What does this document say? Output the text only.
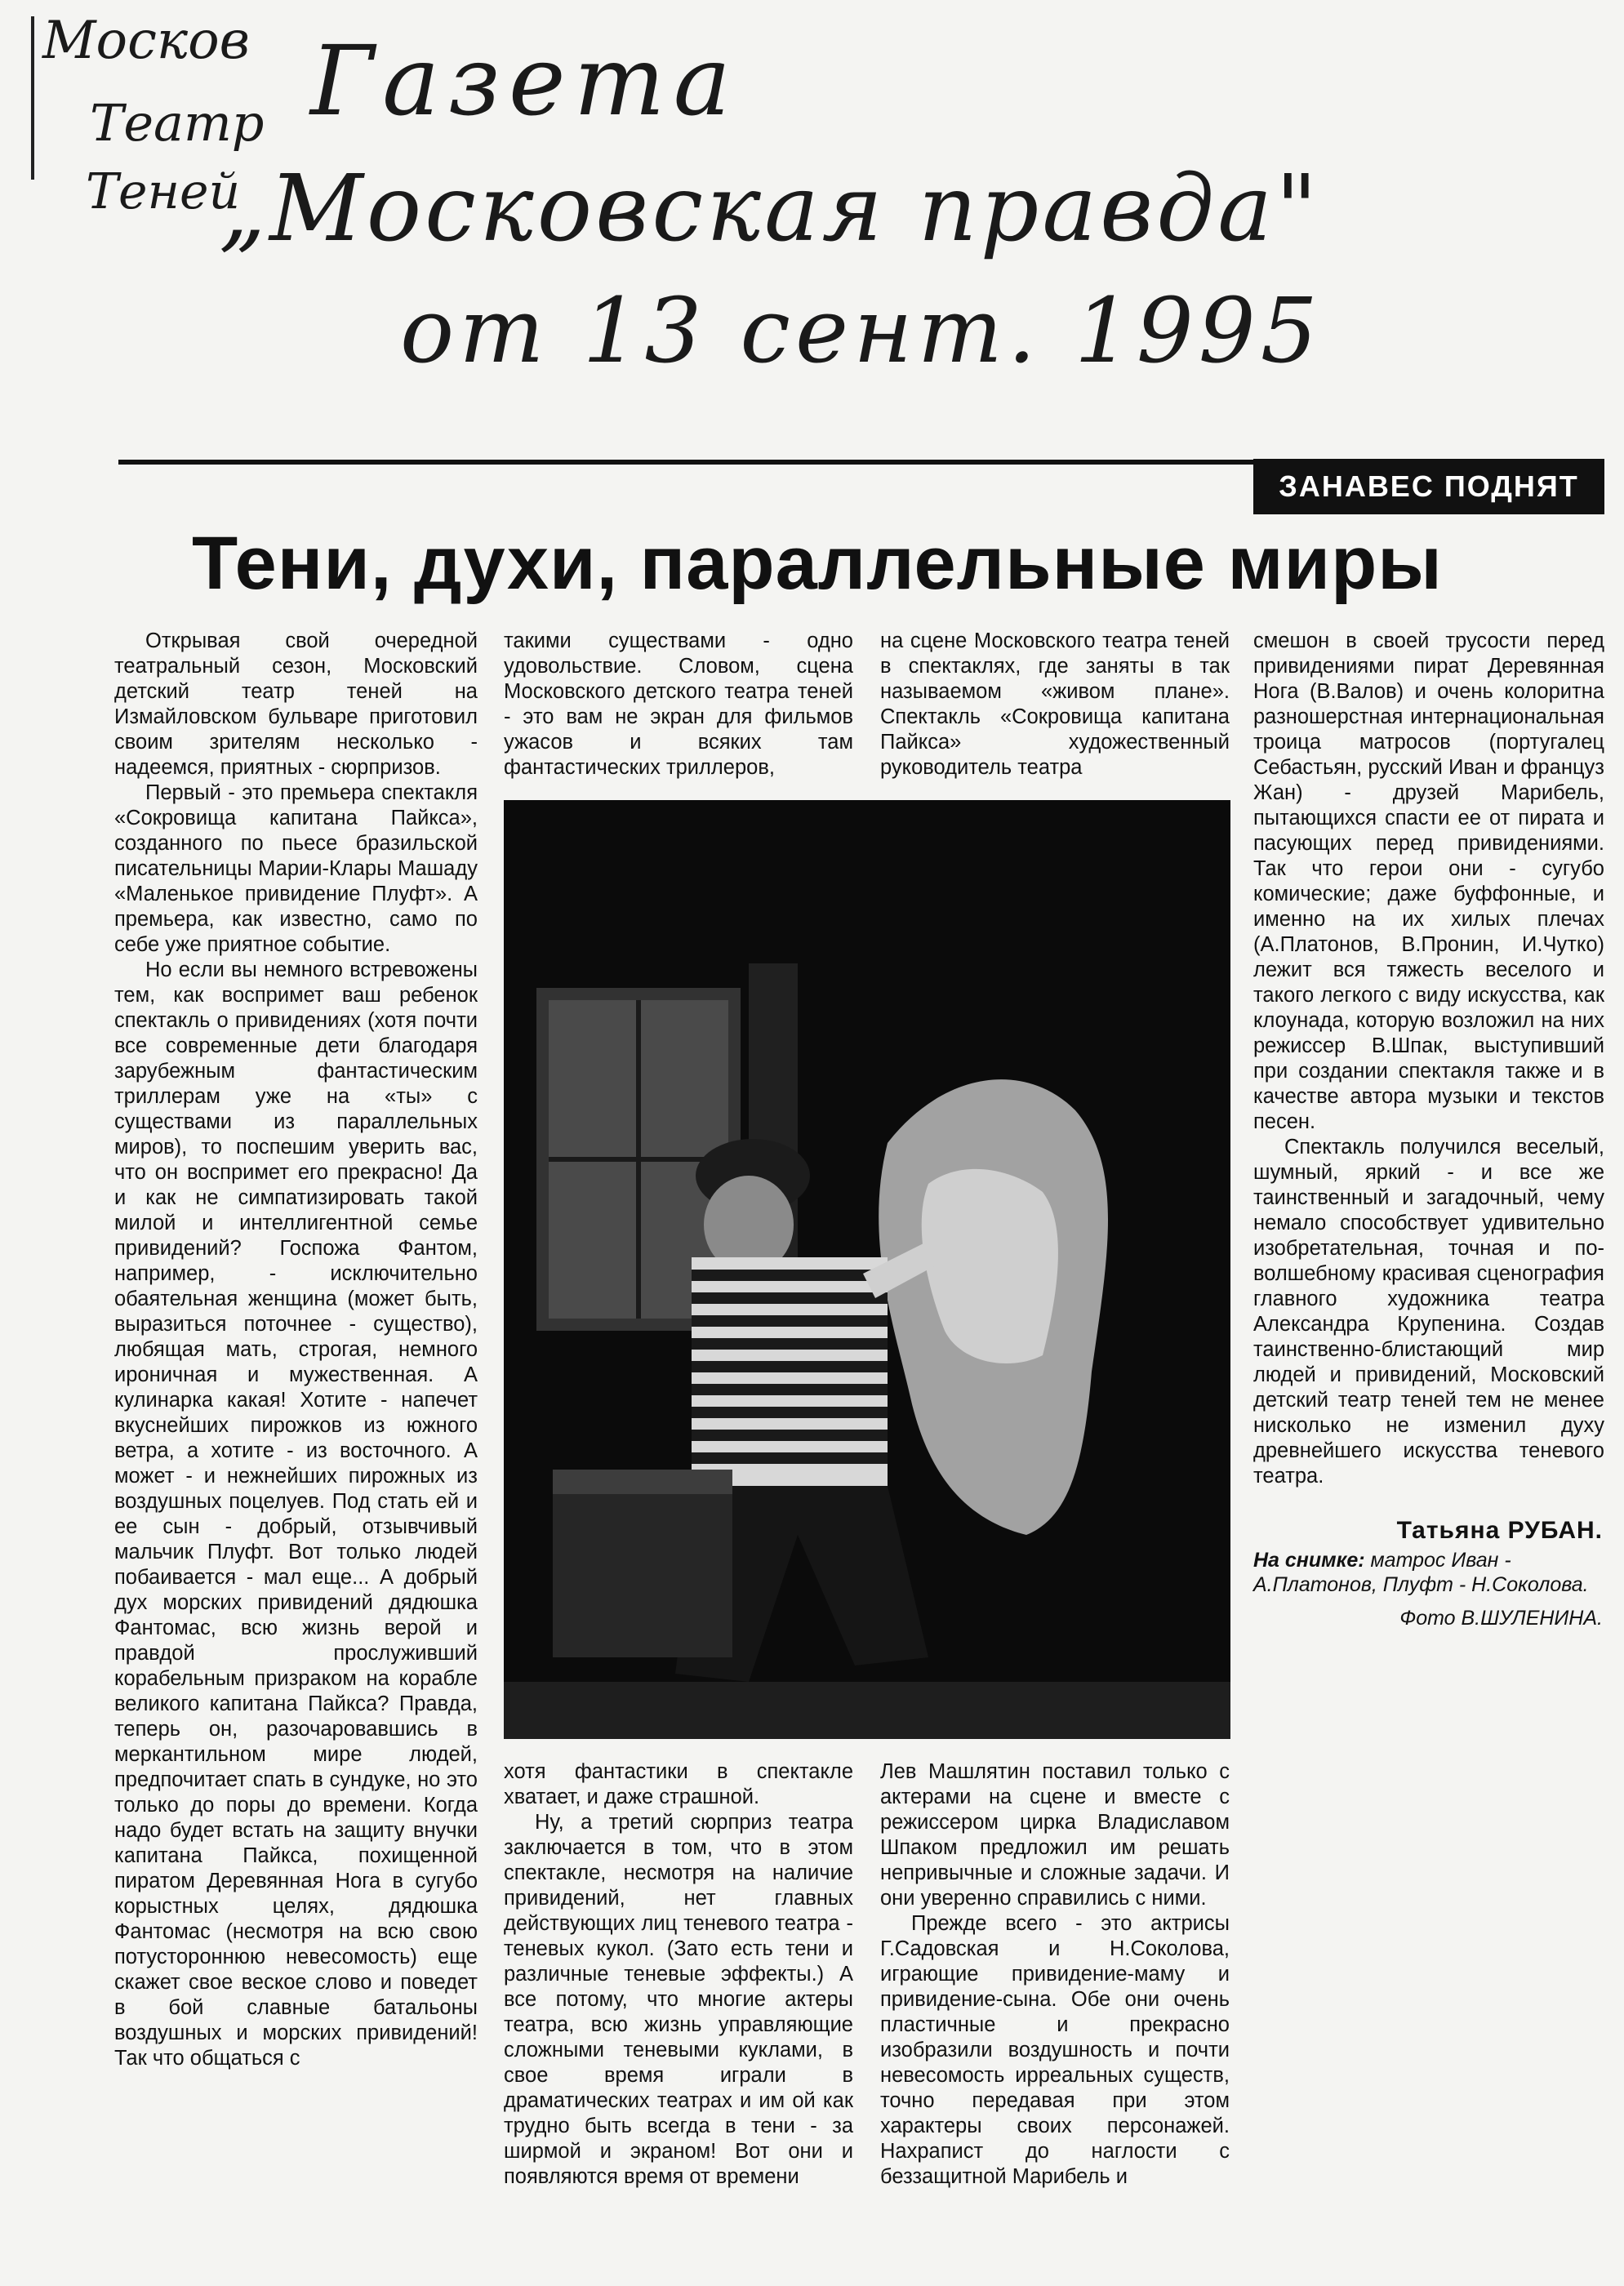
Москов
Театр
Теней
Газета
„Московская правда"
от 13 сент. 1995
ЗАНАВЕС ПОДНЯТ
Тени, духи, параллельные миры

Открывая свой очередной театральный сезон, Московский детский театр теней на Измайловском бульваре приготовил своим зрителям несколько - надеемся, приятных - сюрпризов.

Первый - это премьера спектакля «Сокровища капитана Пайкса», созданного по пьесе бразильской писательницы Марии-Клары Машаду «Маленькое привидение Плуфт». А премьера, как известно, само по себе уже приятное событие.

Но если вы немного встревожены тем, как воспримет ваш ребенок спектакль о привидениях (хотя почти все современные дети благодаря зарубежным фантастическим триллерам уже на «ты» с существами из параллельных миров), то поспешим уверить вас, что он воспримет его прекрасно! Да и как не симпатизировать такой милой и интеллигентной семье привидений? Госпожа Фантом, например, - исключительно обаятельная женщина (может быть, выразиться поточнее - существо), любящая мать, строгая, немного ироничная и мужественная. А кулинарка какая! Хотите - напечет вкуснейших пирожков из южного ветра, а хотите - из восточного. А может - и нежнейших пирожных из воздушных поцелуев. Под стать ей и ее сын - добрый, отзывчивый мальчик Плуфт. Вот только людей побаивается - мал еще... А добрый дух морских привидений дядюшка Фантомас, всю жизнь верой и правдой прослуживший корабельным призраком на корабле великого капитана Пайкса? Правда, теперь он, разочаровавшись в меркантильном мире людей, предпочитает спать в сундуке, но это только до поры до времени. Когда надо будет встать на защиту внучки капитана Пайкса, похищенной пиратом Деревянная Нога в сугубо корыстных целях, дядюшка Фантомас (несмотря на всю свою потустороннюю невесомость) еще скажет свое веское слово и поведет в бой славные батальоны воздушных и морских привидений! Так что общаться с

такими существами - одно удовольствие. Словом, сцена Московского детского театра теней - это вам не экран для фильмов ужасов и всяких там фантастических триллеров,

хотя фантастики в спектакле хватает, и даже страшной.

Ну, а третий сюрприз театра заключается в том, что в этом спектакле, несмотря на наличие привидений, нет главных действующих лиц теневого театра - теневых кукол. (Зато есть тени и различные теневые эффекты.) А все потому, что многие актеры театра, всю жизнь управляющие сложными теневыми куклами, в свое время играли в драматических театрах и им ой как трудно быть всегда в тени - за ширмой и экраном! Вот они и появляются время от времени

на сцене Московского театра теней в спектаклях, где заняты в так называемом «живом плане». Спектакль «Сокровища капитана Пайкса» художественный руководитель театра

Лев Машлятин поставил только с актерами на сцене и вместе с режиссером цирка Владиславом Шпаком предложил им решать непривычные и сложные задачи. И они уверенно справились с ними.

Прежде всего - это актрисы Г.Садовская и Н.Соколова, играющие привидение-маму и привидение-сына. Обе они очень пластичные и прекрасно изобразили воздушность и почти невесомость ирреальных существ, точно передавая при этом характеры своих персонажей. Нахрапист до наглости с беззащитной Марибель и

смешон в своей трусости перед привидениями пират Деревянная Нога (В.Валов) и очень колоритна разношерстная интернациональная троица матросов (португалец Себастьян, русский Иван и француз Жан) - друзей Марибель, пытающихся спасти ее от пирата и пасующих перед привидениями. Так что герои они - сугубо комические; даже буффонные, и именно на их хилых плечах (А.Платонов, В.Пронин, И.Чутко) лежит вся тяжесть веселого и такого легкого с виду искусства, как клоунада, которую возложил на них режиссер В.Шпак, выступивший при создании спектакля также и в качестве автора музыки и текстов песен.

Спектакль получился веселый, шумный, яркий - и все же таинственный и загадочный, чему немало способствует удивительно изобретательная, точная и по-волшебному красивая сценография главного художника театра Александра Крупенина. Создав таинственно-блистающий мир людей и привидений, Московский детский театр теней тем не менее нисколько не изменил духу древнейшего искусства теневого театра.

Татьяна РУБАН.
На снимке: матрос Иван - А.Платонов, Плуфт - Н.Соколова.
Фото В.ШУЛЕНИНА.
